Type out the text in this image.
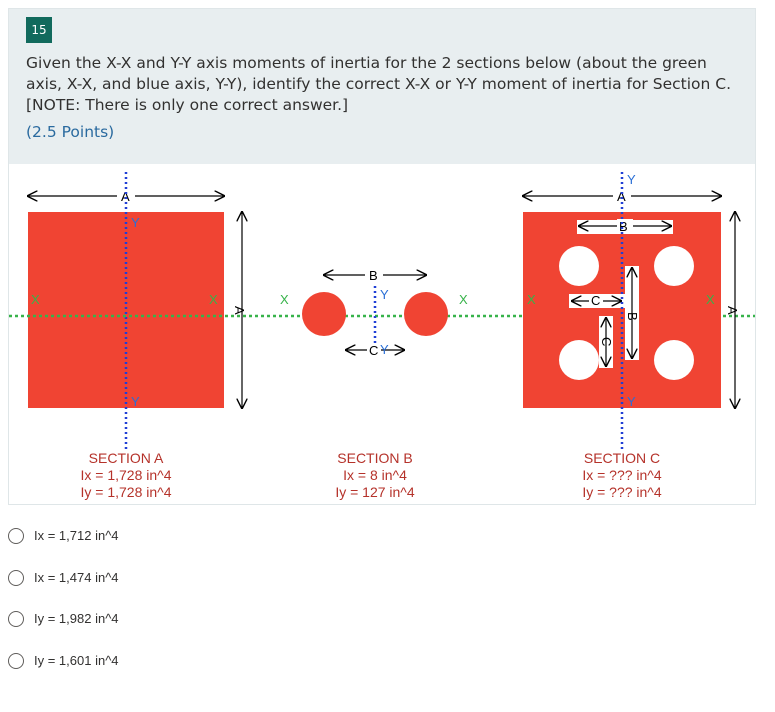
15
Given the X-X and Y-Y axis moments of inertia for the 2 sections below (about the green axis, X-X, and blue axis, Y-Y), identify the correct X-X or Y-Y moment of inertia for Section C. [NOTE: There is only one correct answer.]
(2.5 Points)
A
A
Y
Y
X	X
SECTION A
Ix = 1,728 in^4
Iy = 1,728 in^4
B
C
Y
Y
X	X
SECTION B
Ix = 8 in^4
Iy = 127 in^4
A
A
B
C
C
B
Y
Y
X	X
SECTION C
Ix = ??? in^4
Iy = ??? in^4
Ix = 1,712 in^4
Ix = 1,474 in^4
Iy = 1,982 in^4
Iy = 1,601 in^4
